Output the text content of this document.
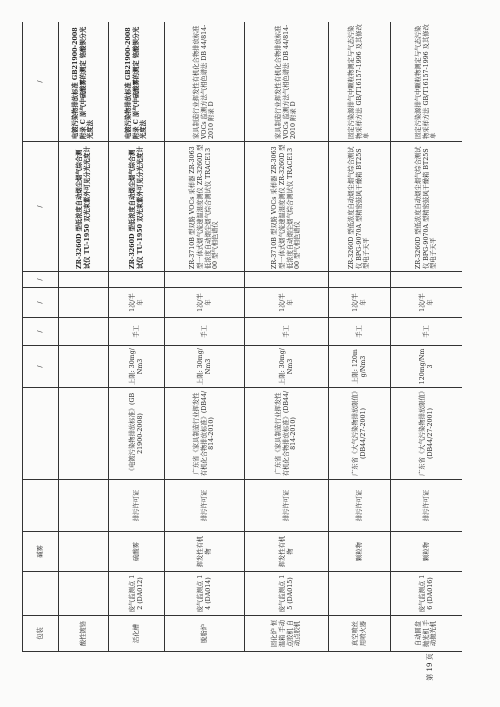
包装		碱雾			/	/	/	/	/	/
酸性镀铬									ZR-3260D 型低浓度自动烟尘烟气综合测试仪 TU-1950 双光束紫外可见分光光度计	电镀污染物排放标准 GB21900-2008 附录 C 原气中硫酸雾的测定 铬酸钡分光光度法
活化槽	废气监测点 12 (DA012)	硫酸雾	排污许可证	《电镀污染物排放标准》(GB 21900-2008)	上限: 30mg/Nm3	手工	1次/半年		ZR-3260D 型低浓度自动烟尘烟气综合测试仪 TU-1950 双光束紫外可见分光光度计	电镀污染物排放标准 GB21900-2008 附录 C 原气中硫酸雾的测定 铬酸钡分光光度法
脱脂炉	废气监测点 14 (DA014)	挥发性有机物	排污许可证	广东省《家具制造行业挥发性有机化合物排放标准》(DB44/814-2010)	上限: 30mg/Nm3	手工	1次/半年		ZR-3710B 型双路 VOCs 采样器 ZR-3063 型一体式烟气流速温湿度测仪 ZR-3260D 型低浓度自动烟尘烟气综合测试仪 TRACE1300 型气相色谱仪	家具制造行业挥发性有机化合物排放标准 VOCs 监测方法气相色谱法 DB 44/814-2010 附录 D
固化炉 恒温箱 手动点胶机 自动点胶机	废气监测点 15 (DA015)	挥发性有机物	排污许可证	广东省《家具制造行业挥发性有机化合物排放标准》(DB44/814-2010)	上限: 30mg/Nm3	手工	1次/半年		ZR-3710B 型双路 VOCs 采样器 ZR-3063 型一体式烟气流速温湿度测仪 ZR-3260D 型低浓度自动烟尘烟气综合测试仪 TRACE1300 型气相色谱仪	家具制造行业挥发性有机化合物排放标准 VOCs 监测方法气相色谱法 DB 44/814-2010 附录 D
真空喷丝用喷火器		颗粒物	排污许可证	广东省《大气污染物排放限值》(DB44/27-2001)	上限: 120mg/Nm3	手工	1次/半年		ZR-3260D 型低浓度自动烟尘烟气综合测试仪 BPG-9070A 型精密鼓风干燥箱 BT25S 型电子天平	固定污染源排气中颗粒物测定与气态污染物采样方法 GB/T16157-1996 及其修改单
自动圆盘抛光机 手动抛光机	废气监测点 16 (DA016)	颗粒物	排污许可证	广东省《大气污染物排放限值》(DB44/27-2001)	120mg/Nm3	手工	1次/半年		ZR-3260D 型低浓度自动烟尘烟气综合测试仪 BPG-9070A 型精密鼓风干燥箱 BT25S 型电子天平	固定污染源排气中颗粒物测定与气态污染物采样方法 GB/T16157-1996 及其修改单
第 19 页
